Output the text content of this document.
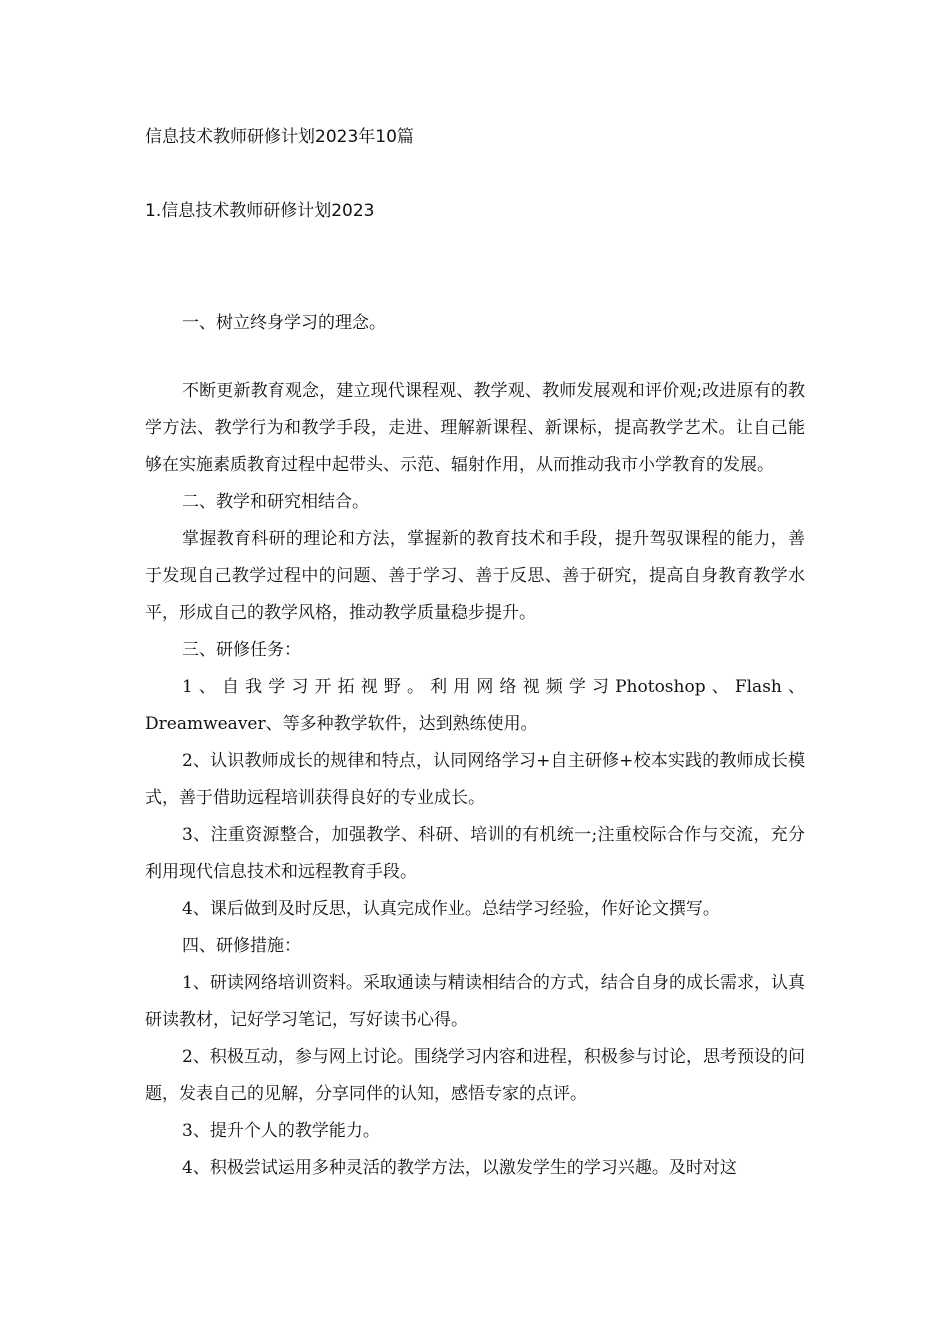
信息技术教师研修计划2023年10篇
1.信息技术教师研修计划2023

一、树立终身学习的理念。

不断更新教育观念，建立现代课程观、教学观、教师发展观和评价观;改进原有的教学方法、教学行为和教学手段，走进、理解新课程、新课标，提高教学艺术。让自己能够在实施素质教育过程中起带头、示范、辐射作用，从而推动我市小学教育的发展。

二、教学和研究相结合。

掌握教育科研的理论和方法，掌握新的教育技术和手段，提升驾驭课程的能力，善于发现自己教学过程中的问题、善于学习、善于反思、善于研究，提高自身教育教学水平，形成自己的教学风格，推动教学质量稳步提升。

三、研修任务：

1、自我学习开拓视野。利用网络视频学习Photoshop、Flash、Dreamweaver、等多种教学软件，达到熟练使用。

2、认识教师成长的规律和特点，认同网络学习+自主研修+校本实践的教师成长模式，善于借助远程培训获得良好的专业成长。

3、注重资源整合，加强教学、科研、培训的有机统一;注重校际合作与交流，充分利用现代信息技术和远程教育手段。

4、课后做到及时反思，认真完成作业。总结学习经验，作好论文撰写。

四、研修措施：

1、研读网络培训资料。采取通读与精读相结合的方式，结合自身的成长需求，认真研读教材，记好学习笔记，写好读书心得。

2、积极互动，参与网上讨论。围绕学习内容和进程，积极参与讨论，思考预设的问题，发表自己的见解，分享同伴的认知，感悟专家的点评。

3、提升个人的教学能力。

4、积极尝试运用多种灵活的教学方法，以激发学生的学习兴趣。及时对这
